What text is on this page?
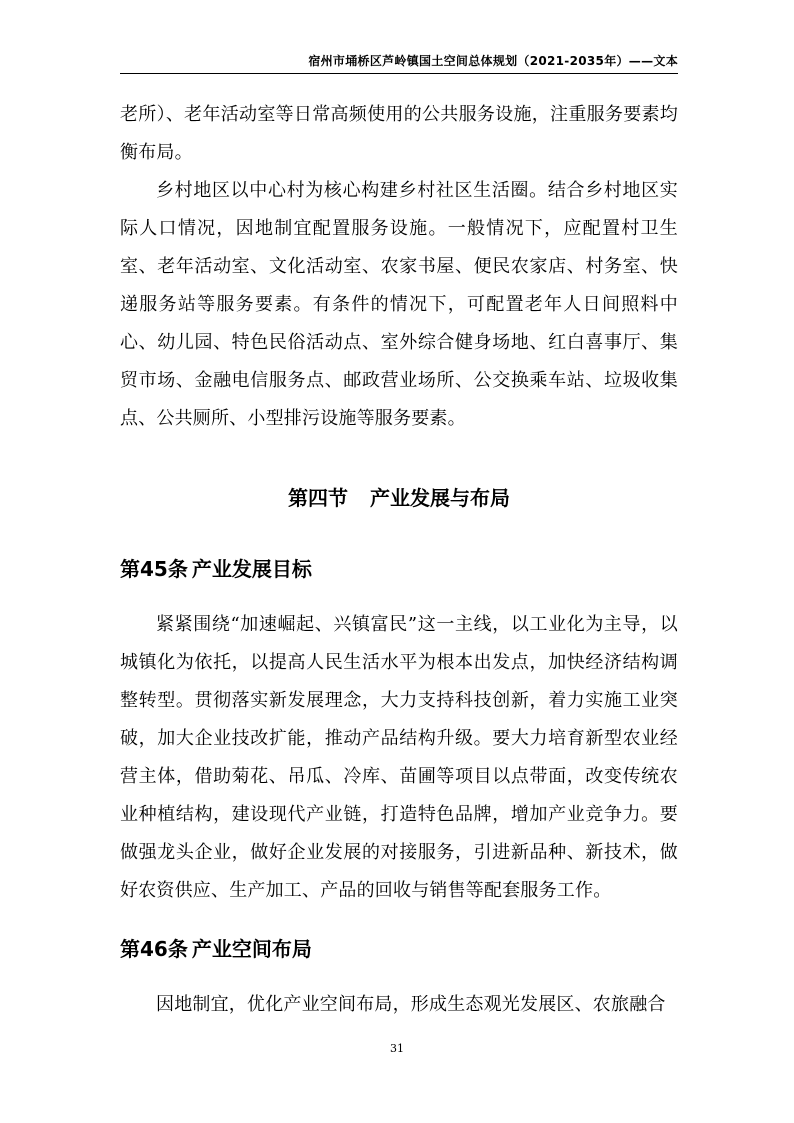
宿州市埇桥区芦岭镇国土空间总体规划（2021-2035年）——文本

老所）、老年活动室等日常高频使用的公共服务设施，注重服务要素均衡布局。

乡村地区以中心村为核心构建乡村社区生活圈。结合乡村地区实际人口情况，因地制宜配置服务设施。一般情况下，应配置村卫生室、老年活动室、文化活动室、农家书屋、便民农家店、村务室、快递服务站等服务要素。有条件的情况下，可配置老年人日间照料中心、幼儿园、特色民俗活动点、室外综合健身场地、红白喜事厅、集贸市场、金融电信服务点、邮政营业场所、公交换乘车站、垃圾收集点、公共厕所、小型排污设施等服务要素。

第四节 产业发展与布局
第45条 产业发展目标

紧紧围绕“加速崛起、兴镇富民”这一主线，以工业化为主导，以城镇化为依托，以提高人民生活水平为根本出发点，加快经济结构调整转型。贯彻落实新发展理念，大力支持科技创新，着力实施工业突破，加大企业技改扩能，推动产品结构升级。要大力培育新型农业经营主体，借助菊花、吊瓜、冷库、苗圃等项目以点带面，改变传统农业种植结构，建设现代产业链，打造特色品牌，增加产业竞争力。要做强龙头企业，做好企业发展的对接服务，引进新品种、新技术，做好农资供应、生产加工、产品的回收与销售等配套服务工作。

第46条 产业空间布局

因地制宜，优化产业空间布局，形成生态观光发展区、农旅融合

31
